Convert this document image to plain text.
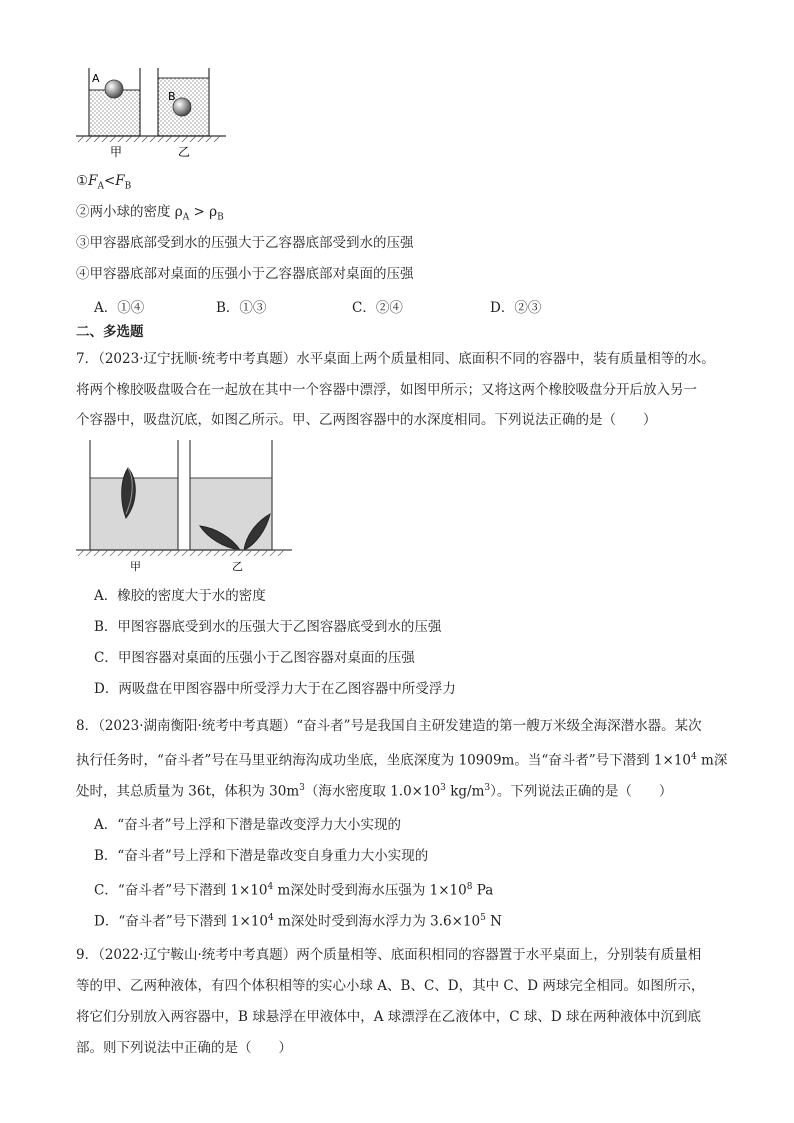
A
B
甲	乙
$①F_A<F_B$
②两小球的密度 $\rho_A > \rho_B$
③甲容器底部受到水的压强大于乙容器底部受到水的压强
④甲容器底部对桌面的压强小于乙容器底部对桌面的压强
A．①④	B．①③	C．②④	D．②③
二、多选题
7．（2023·辽宁抚顺·统考中考真题）水平桌面上两个质量相同、底面积不同的容器中，装有质量相等的水。
将两个橡胶吸盘吸合在一起放在其中一个容器中漂浮，如图甲所示；又将这两个橡胶吸盘分开后放入另一
个容器中，吸盘沉底，如图乙所示。甲、乙两图容器中的水深度相同。下列说法正确的是（　　）
甲	乙
A．橡胶的密度大于水的密度
B．甲图容器底受到水的压强大于乙图容器底受到水的压强
C．甲图容器对桌面的压强小于乙图容器对桌面的压强
D．两吸盘在甲图容器中所受浮力大于在乙图容器中所受浮力
8．（2023·湖南衡阳·统考中考真题）“奋斗者”号是我国自主研发建造的第一艘万米级全海深潜水器。某次
执行任务时，“奋斗者”号在马里亚纳海沟成功坐底，坐底深度为 10909m。当“奋斗者”号下潜到 $1\times 10^4$ m深
处时，其总质量为 36t，体积为 $30m^3$（海水密度取 $1.0\times 10^3$ $kg/m^3$）。下列说法正确的是（　　）
A．“奋斗者”号上浮和下潜是靠改变浮力大小实现的
B．“奋斗者”号上浮和下潜是靠改变自身重力大小实现的
C．“奋斗者”号下潜到 $1\times 10^4$ m深处时受到海水压强为 $1\times 10^8$ Pa
D．“奋斗者”号下潜到 $1\times 10^4$ m深处时受到海水浮力为 $3.6\times 10^5$ N
9．（2022·辽宁鞍山·统考中考真题）两个质量相等、底面积相同的容器置于水平桌面上，分别装有质量相
等的甲、乙两种液体，有四个体积相等的实心小球 A、B、C、D，其中 C、D 两球完全相同。如图所示，
将它们分别放入两容器中，B 球悬浮在甲液体中，A 球漂浮在乙液体中，C 球、D 球在两种液体中沉到底
部。则下列说法中正确的是（　　）
